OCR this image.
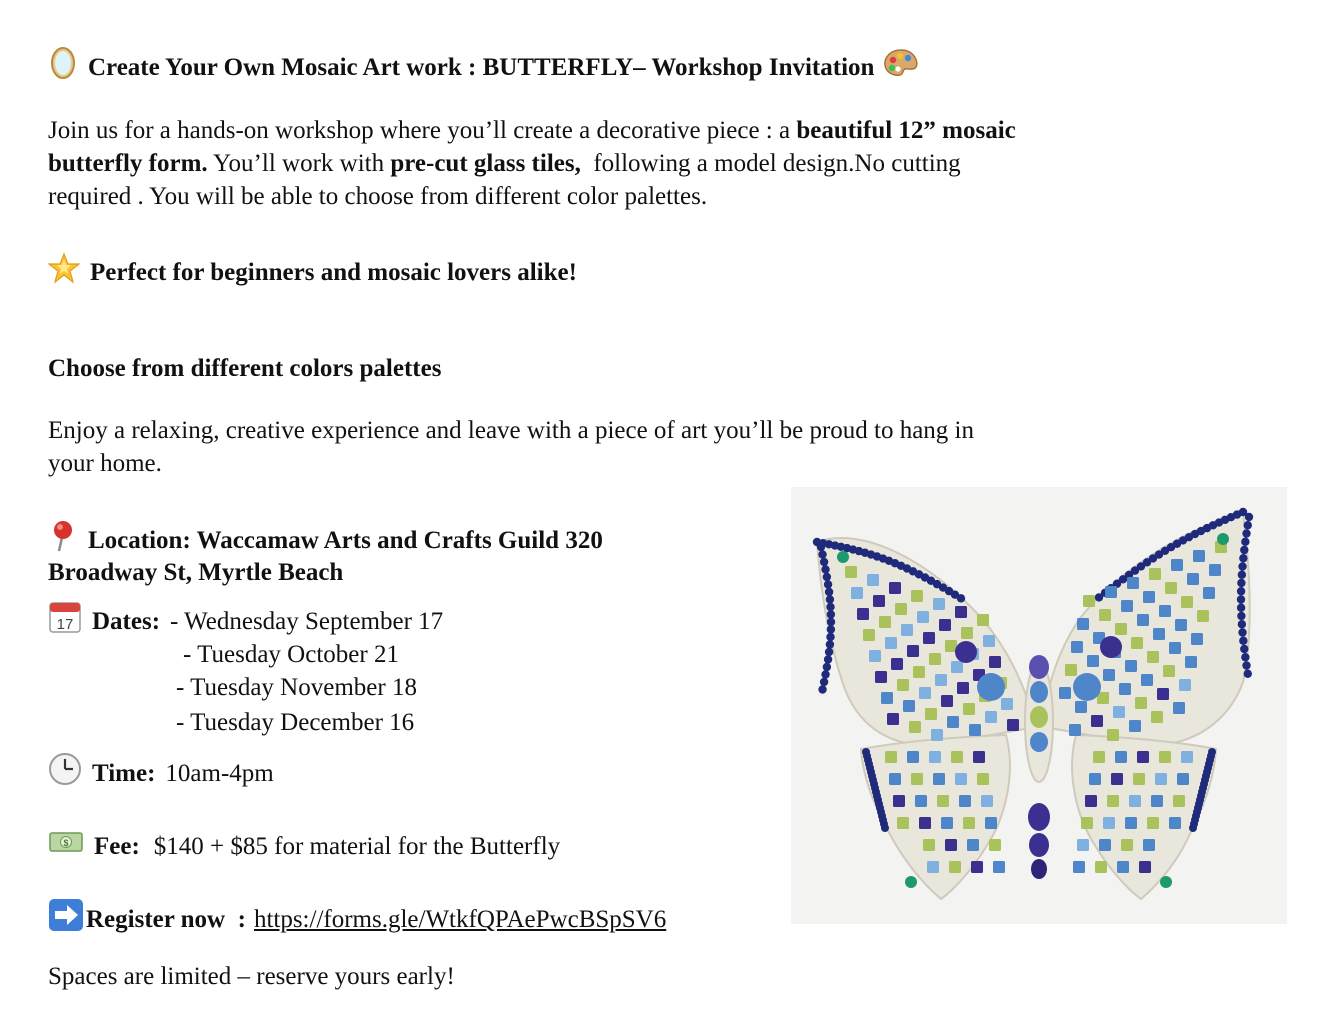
Create Your Own Mosaic Art work : BUTTERFLY– Workshop Invitation
Join us for a hands-on workshop where you’ll create a decorative piece : a beautiful 12” mosaic
butterfly form. You’ll work with pre-cut glass tiles,  following a model design.No cutting
required . You will be able to choose from different color palettes.
Perfect for beginners and mosaic lovers alike!
Choose from different colors palettes
Enjoy a relaxing, creative experience and leave with a piece of art you’ll be proud to hang in
your home.
Location: Waccamaw Arts and Crafts Guild 320
Broadway St, Myrtle Beach
17 Dates: - Wednesday September 17
- Tuesday October 21
- Tuesday November 18
- Tuesday December 16
Time: 10am-4pm
$ Fee: $140 + $85 for material for the Butterfly
Register now : https://forms.gle/WtkfQPAePwcBSpSV6
Spaces are limited – reserve yours early!
